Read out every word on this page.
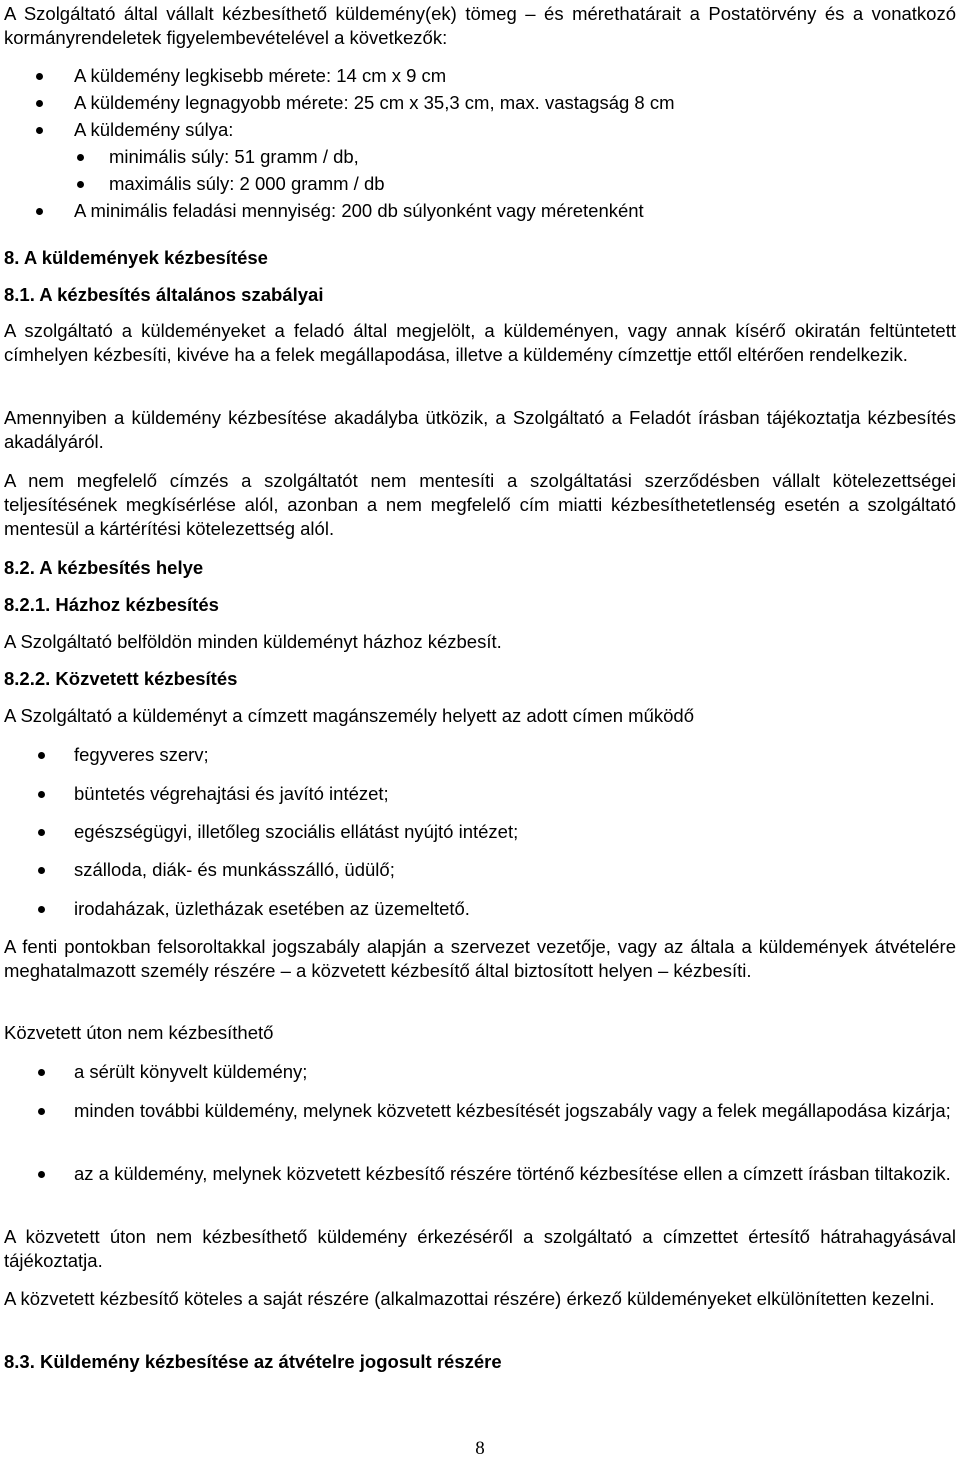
A Szolgáltató által vállalt kézbesíthető küldemény(ek) tömeg – és mérethatárait a Postatörvény és a vonatkozó kormányrendeletek figyelembevételével a következők:

A küldemény legkisebb mérete: 14 cm x 9 cm

A küldemény legnagyobb mérete: 25 cm x 35,3 cm, max. vastagság 8 cm

A küldemény súlya:

minimális súly: 51 gramm / db,

maximális súly: 2 000 gramm / db

A minimális feladási mennyiség: 200 db súlyonként vagy méretenként

8. A küldemények kézbesítése
8.1. A kézbesítés általános szabályai

A szolgáltató a küldeményeket a feladó által megjelölt, a küldeményen, vagy annak kísérő okiratán feltüntetett címhelyen kézbesíti, kivéve ha a felek megállapodása, illetve a küldemény címzettje ettől eltérően rendelkezik.

Amennyiben a küldemény kézbesítése akadályba ütközik, a Szolgáltató a Feladót írásban tájékoztatja kézbesítés akadályáról.

A nem megfelelő címzés a szolgáltatót nem mentesíti a szolgáltatási szerződésben vállalt kötelezettségei teljesítésének megkísérlése alól, azonban a nem megfelelő cím miatti kézbesíthetetlenség esetén a szolgáltató mentesül a kártérítési kötelezettség alól.

8.2. A kézbesítés helye
8.2.1. Házhoz kézbesítés

A Szolgáltató belföldön minden küldeményt házhoz kézbesít.

8.2.2. Közvetett kézbesítés

A Szolgáltató a küldeményt a címzett magánszemély helyett az adott címen működő

fegyveres szerv;

büntetés végrehajtási és javító intézet;

egészségügyi, illetőleg szociális ellátást nyújtó intézet;

szálloda, diák- és munkásszálló, üdülő;

irodaházak, üzletházak esetében az üzemeltető.

A fenti pontokban felsoroltakkal jogszabály alapján a szervezet vezetője, vagy az általa a küldemények átvételére meghatalmazott személy részére – a közvetett kézbesítő által biztosított helyen – kézbesíti.

Közvetett úton nem kézbesíthető

a sérült könyvelt küldemény;

minden további küldemény, melynek közvetett kézbesítését jogszabály vagy a felek megállapodása kizárja;

az a küldemény, melynek közvetett kézbesítő részére történő kézbesítése ellen a címzett írásban tiltakozik.

A közvetett úton nem kézbesíthető küldemény érkezéséről a szolgáltató a címzettet értesítő hátrahagyásával tájékoztatja.

A közvetett kézbesítő köteles a saját részére (alkalmazottai részére) érkező küldeményeket elkülönítetten kezelni.

8.3. Küldemény kézbesítése az átvételre jogosult részére
8
